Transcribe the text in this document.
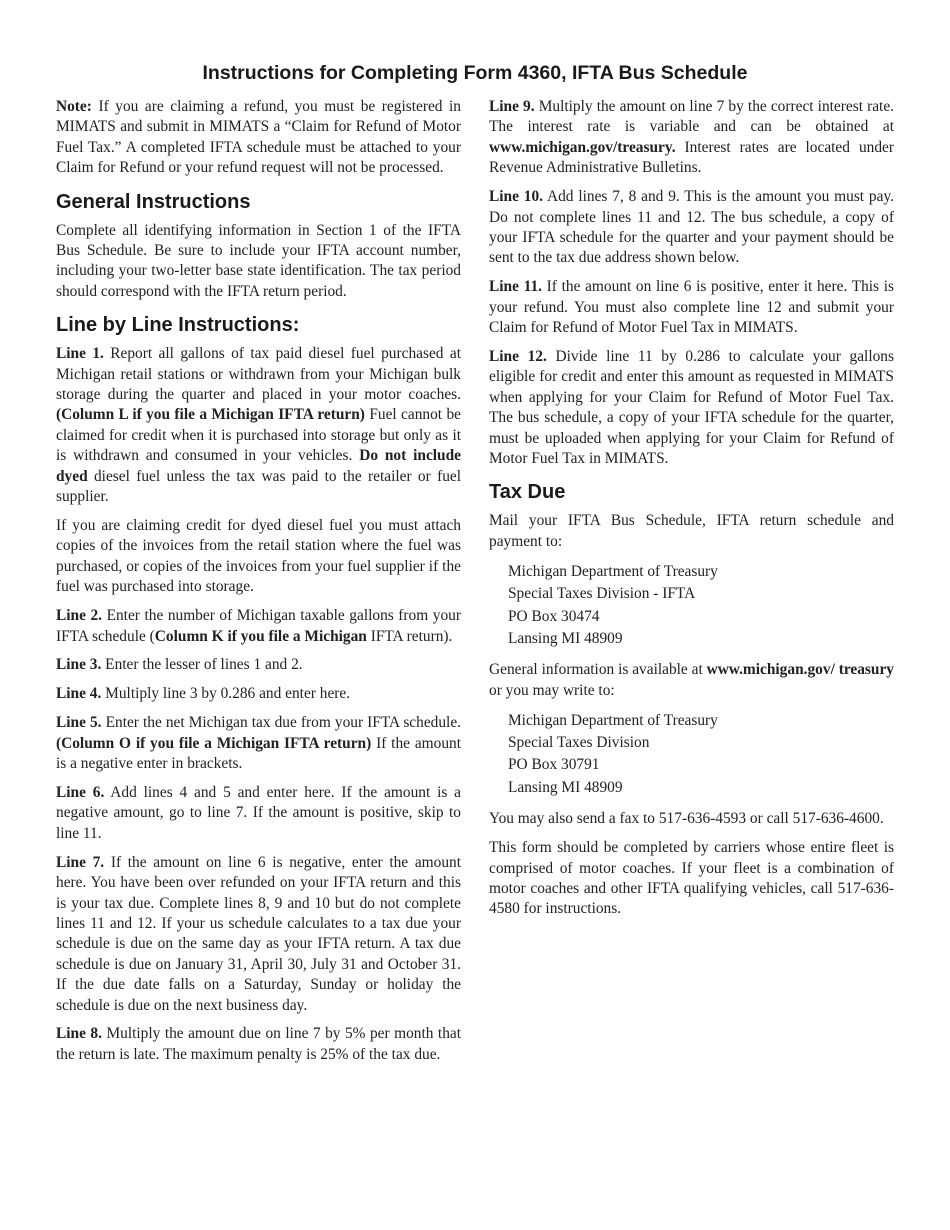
Instructions for Completing Form 4360, IFTA Bus Schedule

Note: If you are claiming a refund, you must be registered in MIMATS and submit in MIMATS a “Claim for Refund of Motor Fuel Tax.” A completed IFTA schedule must be attached to your Claim for Refund or your refund request will not be processed.

General Instructions

Complete all identifying information in Section 1 of the IFTA Bus Schedule. Be sure to include your IFTA account number, including your two-letter base state identification. The tax period should correspond with the IFTA return period.

Line by Line Instructions:

Line 1. Report all gallons of tax paid diesel fuel purchased at Michigan retail stations or withdrawn from your Michigan bulk storage during the quarter and placed in your motor coaches. (Column L if you file a Michigan IFTA return) Fuel cannot be claimed for credit when it is purchased into storage but only as it is withdrawn and consumed in your vehicles. Do not include dyed diesel fuel unless the tax was paid to the retailer or fuel supplier.

If you are claiming credit for dyed diesel fuel you must attach copies of the invoices from the retail station where the fuel was purchased, or copies of the invoices from your fuel supplier if the fuel was purchased into storage.

Line 2. Enter the number of Michigan taxable gallons from your IFTA schedule (Column K if you file a Michigan IFTA return).

Line 3. Enter the lesser of lines 1 and 2.

Line 4. Multiply line 3 by 0.286 and enter here.

Line 5. Enter the net Michigan tax due from your IFTA schedule. (Column O if you file a Michigan IFTA return) If the amount is a negative enter in brackets.

Line 6. Add lines 4 and 5 and enter here. If the amount is a negative amount, go to line 7. If the amount is positive, skip to line 11.

Line 7. If the amount on line 6 is negative, enter the amount here. You have been over refunded on your IFTA return and this is your tax due. Complete lines 8, 9 and 10 but do not complete lines 11 and 12. If your us schedule calculates to a tax due your schedule is due on the same day as your IFTA return. A tax due schedule is due on January 31, April 30, July 31 and October 31. If the due date falls on a Saturday, Sunday or holiday the schedule is due on the next business day.

Line 8. Multiply the amount due on line 7 by 5% per month that the return is late. The maximum penalty is 25% of the tax due.

Line 9. Multiply the amount on line 7 by the correct interest rate. The interest rate is variable and can be obtained at www.michigan.gov/treasury. Interest rates are located under Revenue Administrative Bulletins.

Line 10. Add lines 7, 8 and 9. This is the amount you must pay. Do not complete lines 11 and 12. The bus schedule, a copy of your IFTA schedule for the quarter and your payment should be sent to the tax due address shown below.

Line 11. If the amount on line 6 is positive, enter it here. This is your refund. You must also complete line 12 and submit your Claim for Refund of Motor Fuel Tax in MIMATS.

Line 12. Divide line 11 by 0.286 to calculate your gallons eligible for credit and enter this amount as requested in MIMATS when applying for your Claim for Refund of Motor Fuel Tax. The bus schedule, a copy of your IFTA schedule for the quarter, must be uploaded when applying for your Claim for Refund of Motor Fuel Tax in MIMATS.

Tax Due

Mail your IFTA Bus Schedule, IFTA return schedule and payment to:

Michigan Department of Treasury
Special Taxes Division - IFTA
PO Box 30474
Lansing MI 48909

General information is available at www.michigan.gov/ treasury or you may write to:

Michigan Department of Treasury
Special Taxes Division
PO Box 30791
Lansing MI 48909

You may also send a fax to 517-636-4593 or call 517-636-4600.

This form should be completed by carriers whose entire fleet is comprised of motor coaches. If your fleet is a combination of motor coaches and other IFTA qualifying vehicles, call 517-636-4580 for instructions.
